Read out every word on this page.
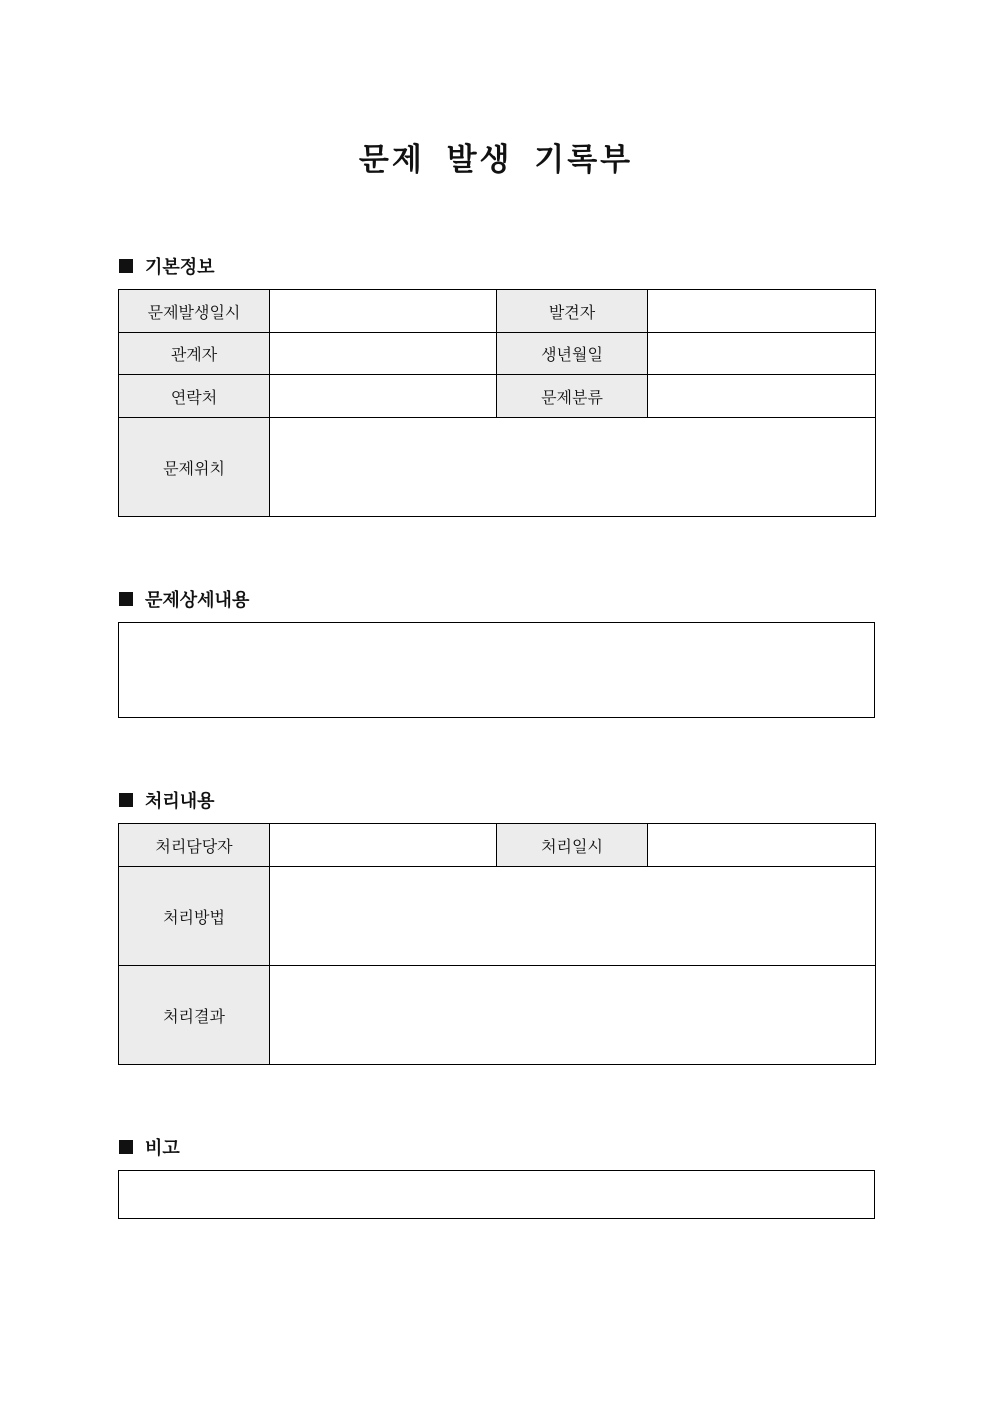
문제 발생 기록부
기본정보
문제발생일시		발견자	
관계자		생년월일	
연락처		문제분류	
문제위치			
문제상세내용
처리내용
처리담당자		처리일시	
처리방법			
처리결과			
비고
